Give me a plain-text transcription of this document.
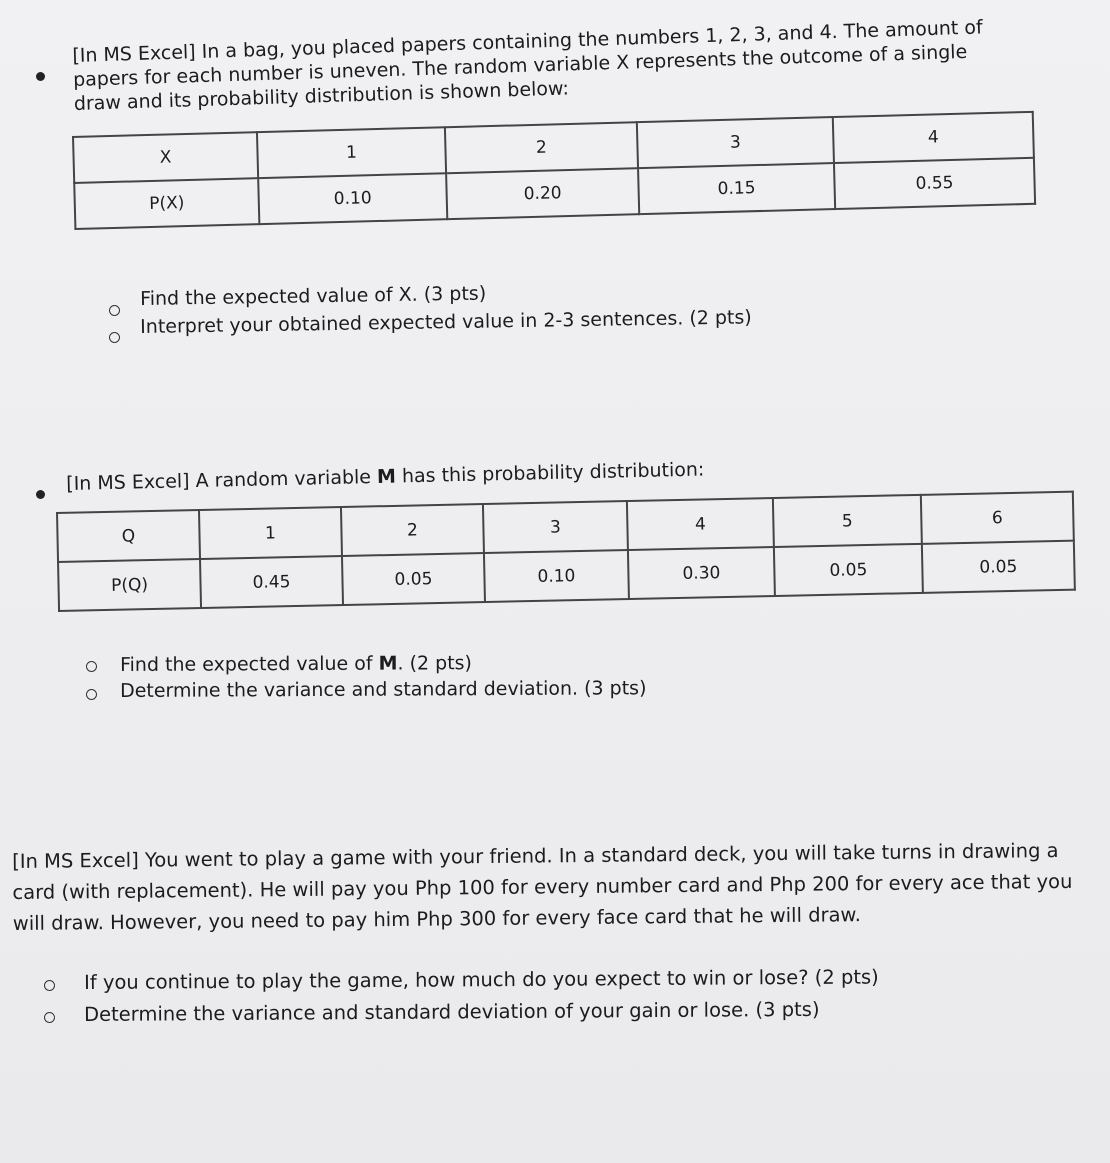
[In MS Excel] In a bag, you placed papers containing the numbers 1, 2, 3, and 4. The amount of papers for each number is uneven. The random variable X represents the outcome of a single draw and its probability distribution is shown below:
X	1	2	3	4
P(X)	0.10	0.20	0.15	0.55
Find the expected value of X. (3 pts)
Interpret your obtained expected value in 2-3 sentences. (2 pts)
[In MS Excel] A random variable M has this probability distribution:
Q	1	2	3	4	5	6
P(Q)	0.45	0.05	0.10	0.30	0.05	0.05
Find the expected value of M. (2 pts)
Determine the variance and standard deviation. (3 pts)
[In MS Excel] You went to play a game with your friend. In a standard deck, you will take turns in drawing a card (with replacement). He will pay you Php 100 for every number card and Php 200 for every ace that you will draw. However, you need to pay him Php 300 for every face card that he will draw.
If you continue to play the game, how much do you expect to win or lose? (2 pts)
Determine the variance and standard deviation of your gain or lose. (3 pts)
